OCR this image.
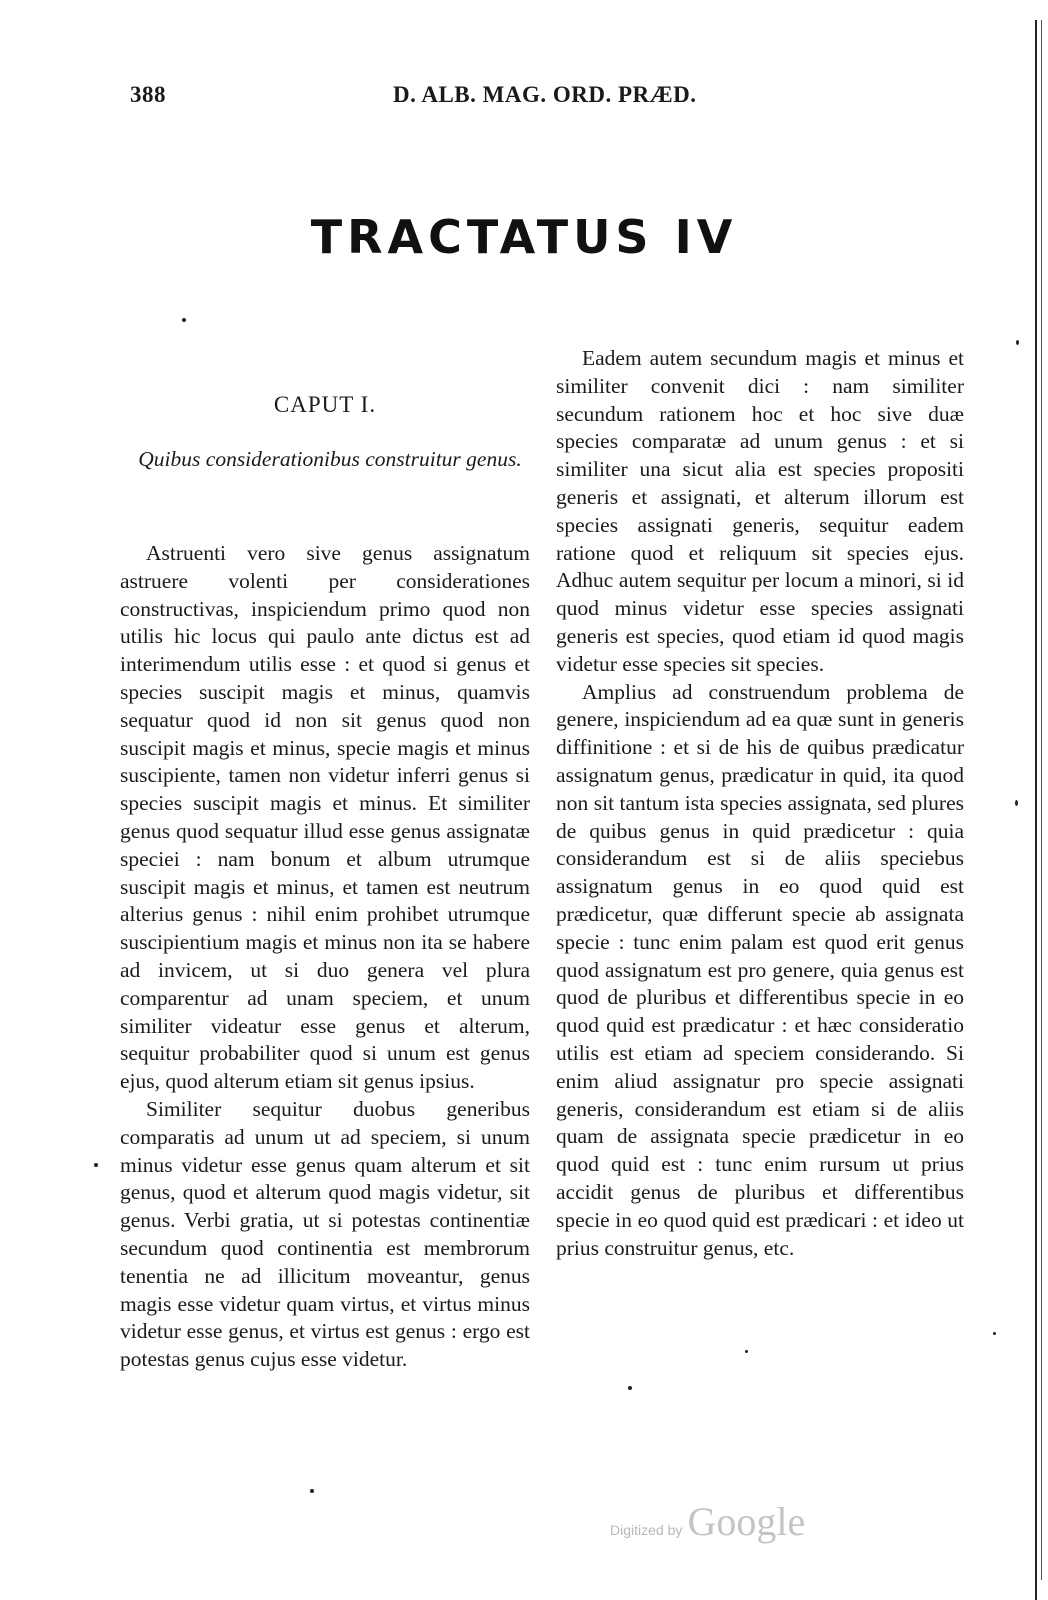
388	D. ALB. MAG. ORD. PRÆD.
TRACTATUS IV
CAPUT I.
Quibus considerationibus construitur genus.

Astruenti vero sive genus assignatum astruere volenti per considerationes constructivas, inspiciendum primo quod non utilis hic locus qui paulo ante dictus est ad interimendum utilis esse : et quod si genus et species suscipit magis et minus, quamvis sequatur quod id non sit genus quod non suscipit magis et minus, specie magis et minus suscipiente, tamen non videtur inferri genus si species suscipit magis et minus. Et similiter genus quod sequatur illud esse genus assignatæ speciei : nam bonum et album utrumque suscipit magis et minus, et tamen est neutrum alterius genus : nihil enim prohibet utrumque suscipientium magis et minus non ita se habere ad invicem, ut si duo genera vel plura comparentur ad unam speciem, et unum similiter videatur esse genus et alterum, sequitur probabiliter quod si unum est genus ejus, quod alterum etiam sit genus ipsius.

Similiter sequitur duobus generibus comparatis ad unum ut ad speciem, si unum minus videtur esse genus quam alterum et sit genus, quod et alterum quod magis videtur, sit genus. Verbi gratia, ut si potestas continentiæ secundum quod continentia est membrorum tenentia ne ad illicitum moveantur, genus magis esse videtur quam virtus, et virtus minus videtur esse genus, et virtus est genus : ergo est potestas genus cujus esse videtur.

Eadem autem secundum magis et minus et similiter convenit dici : nam similiter secundum rationem hoc et hoc sive duæ species comparatæ ad unum genus : et si similiter una sicut alia est species propositi generis et assignati, et alterum illorum est species assignati generis, sequitur eadem ratione quod et reliquum sit species ejus. Adhuc autem sequitur per locum a minori, si id quod minus videtur esse species assignati generis est species, quod etiam id quod magis videtur esse species sit species.

Amplius ad construendum problema de genere, inspiciendum ad ea quæ sunt in generis diffinitione : et si de his de quibus prædicatur assignatum genus, prædicatur in quid, ita quod non sit tantum ista species assignata, sed plures de quibus genus in quid prædicetur : quia considerandum est si de aliis speciebus assignatum genus in eo quod quid est prædicetur, quæ differunt specie ab assignata specie : tunc enim palam est quod erit genus quod assignatum est pro genere, quia genus est quod de pluribus et differentibus specie in eo quod quid est prædicatur : et hæc consideratio utilis est etiam ad speciem considerando. Si enim aliud assignatur pro specie assignati generis, considerandum est etiam si de aliis quam de assignata specie prædicetur in eo quod quid est : tunc enim rursum ut prius accidit genus de pluribus et differentibus specie in eo quod quid est prædicari : et ideo ut prius construitur genus, etc.

Digitized by Google
